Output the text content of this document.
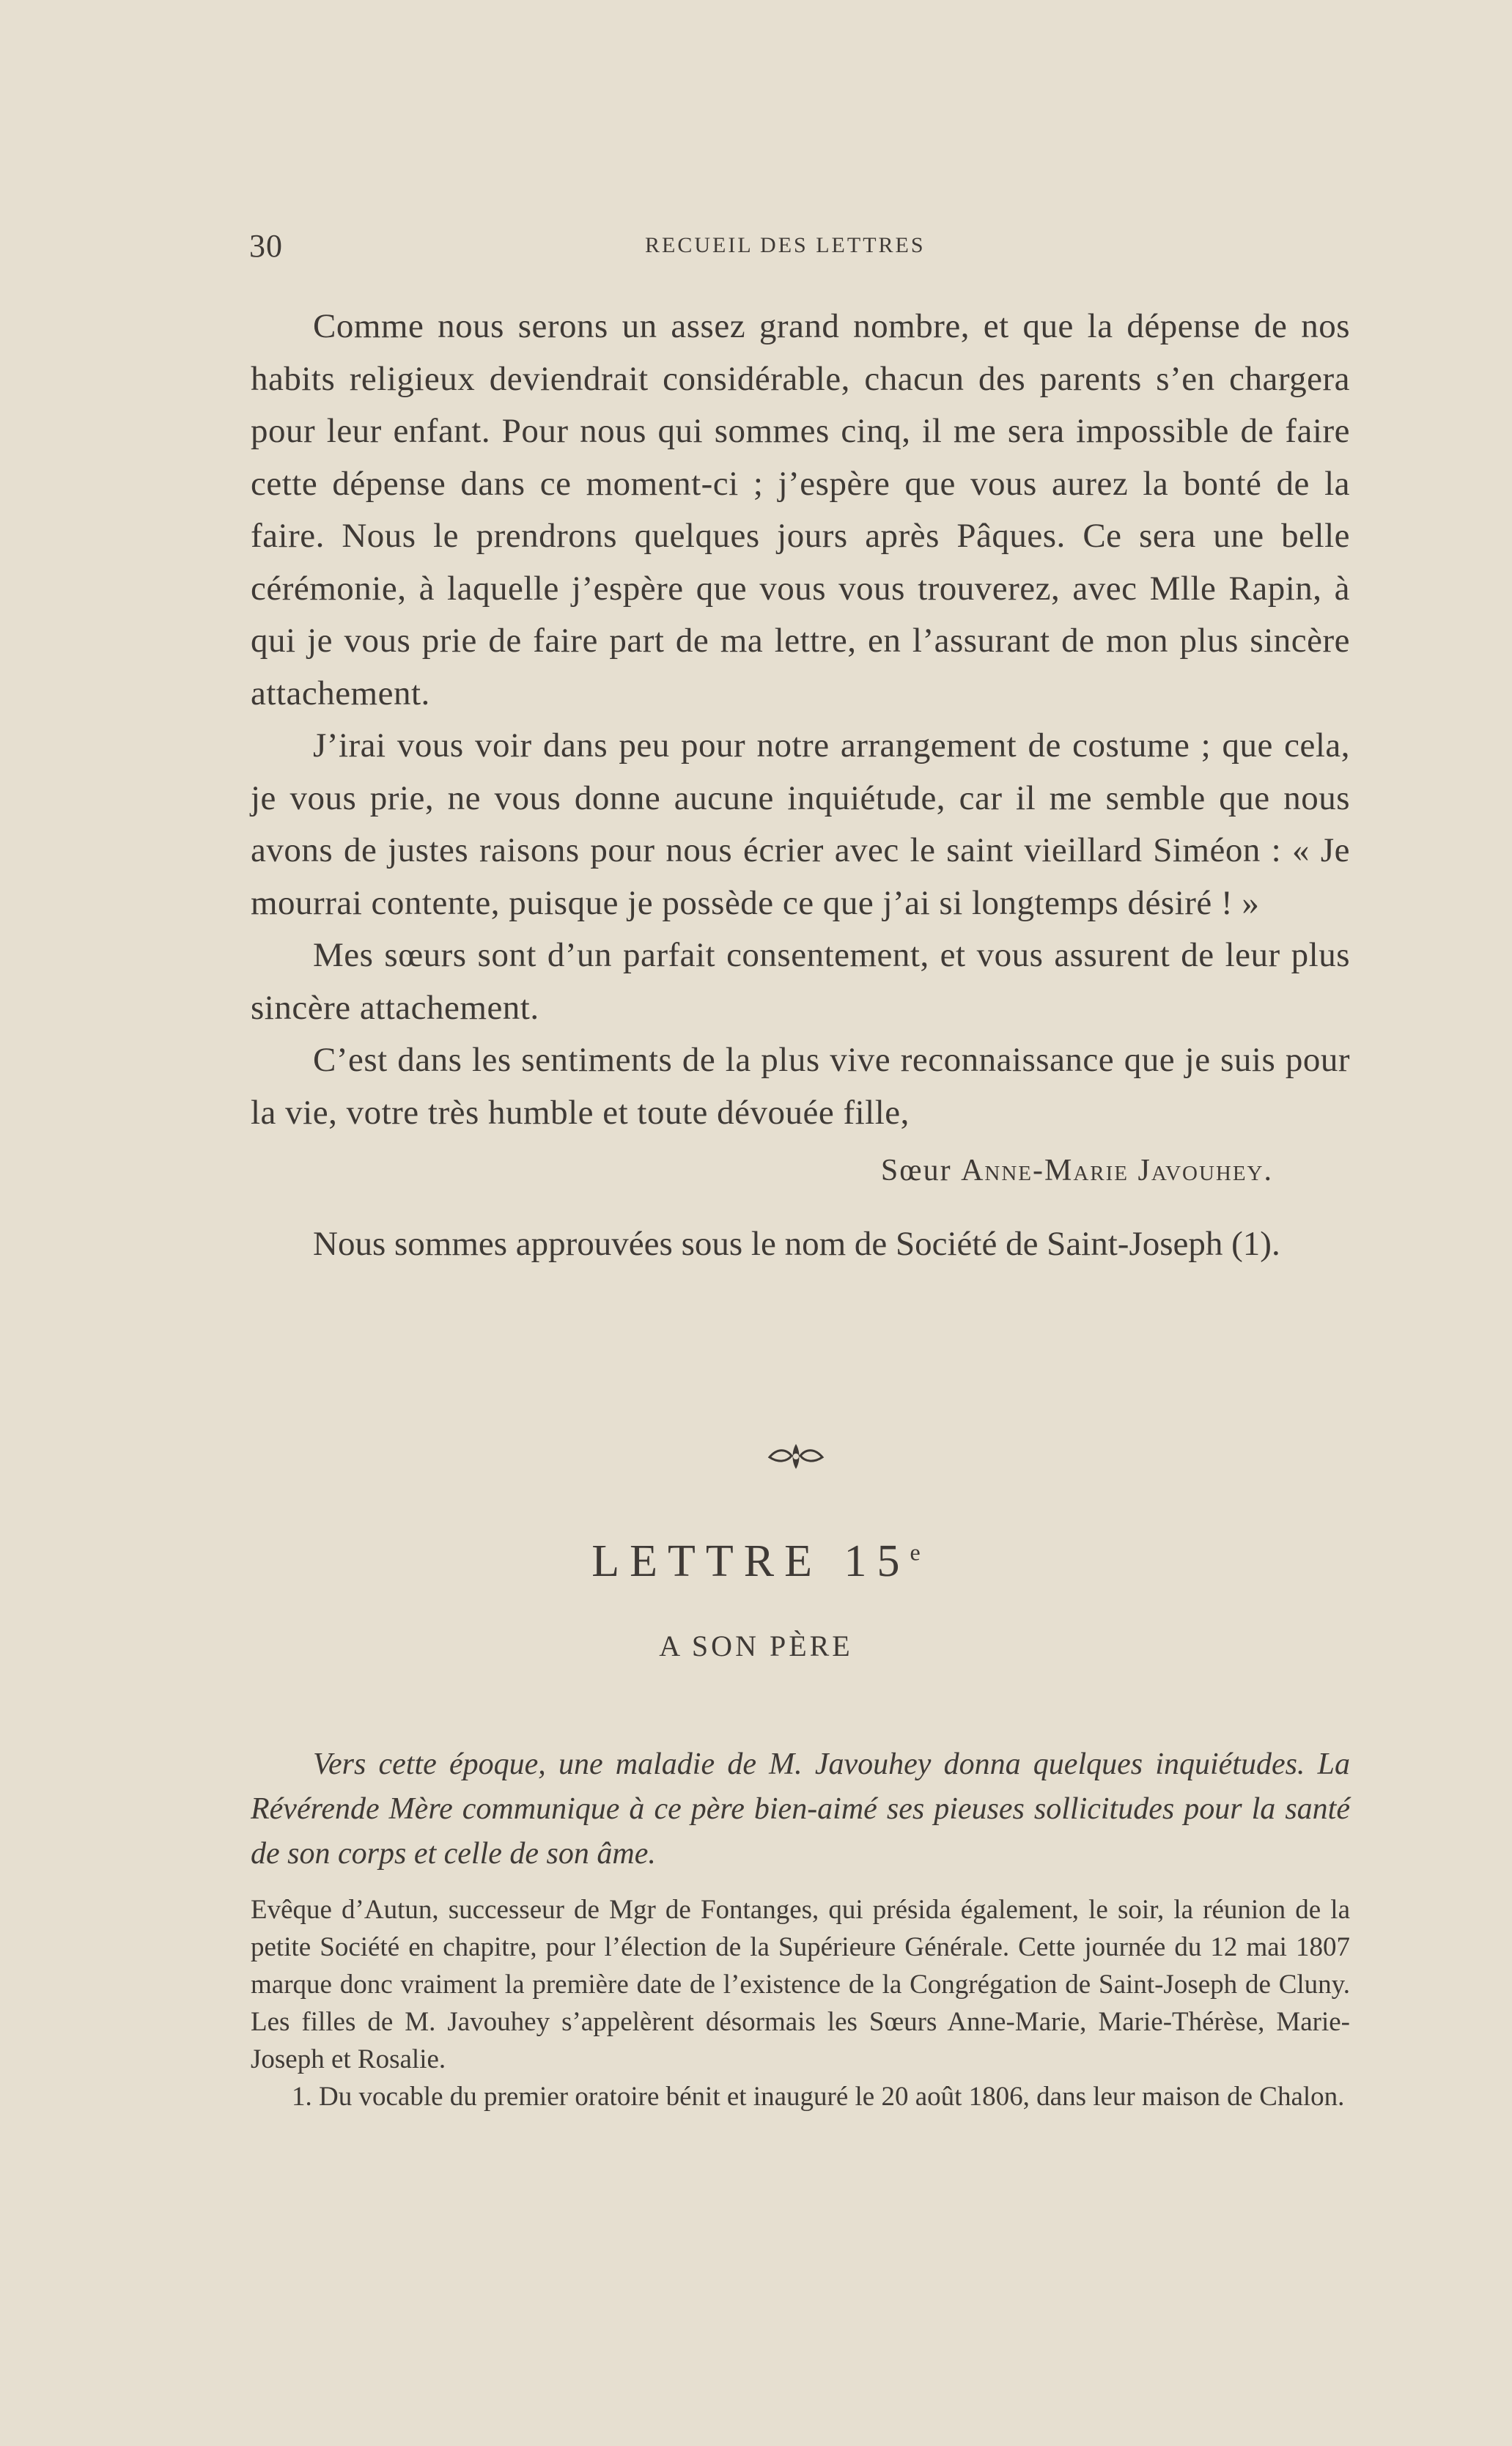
30	RECUEIL DES LETTRES

Comme nous serons un assez grand nombre, et que la dépense de nos habits religieux deviendrait considérable, chacun des parents s’en chargera pour leur enfant. Pour nous qui sommes cinq, il me sera impossible de faire cette dépense dans ce moment-ci ; j’espère que vous aurez la bonté de la faire. Nous le prendrons quelques jours après Pâques. Ce sera une belle cérémonie, à laquelle j’espère que vous vous trouverez, avec Mlle Rapin, à qui je vous prie de faire part de ma lettre, en l’assurant de mon plus sincère attachement.

J’irai vous voir dans peu pour notre arrangement de costume ; que cela, je vous prie, ne vous donne aucune inquiétude, car il me semble que nous avons de justes raisons pour nous écrier avec le saint vieillard Siméon : « Je mourrai contente, puisque je possède ce que j’ai si longtemps désiré ! »

Mes sœurs sont d’un parfait consentement, et vous assurent de leur plus sincère attachement.

C’est dans les sentiments de la plus vive reconnaissance que je suis pour la vie, votre très humble et toute dévouée fille,

Sœur Anne-Marie Javouhey.

Nous sommes approuvées sous le nom de Société de Saint-Joseph (1).

LETTRE 15e
A SON PÈRE

Vers cette époque, une maladie de M. Javouhey donna quelques inquiétudes. La Révérende Mère communique à ce père bien-aimé ses pieuses sollicitudes pour la santé de son corps et celle de son âme.

Evêque d’Autun, successeur de Mgr de Fontanges, qui présida également, le soir, la réunion de la petite Société en chapitre, pour l’élection de la Supérieure Générale. Cette journée du 12 mai 1807 marque donc vraiment la première date de l’existence de la Congrégation de Saint-Joseph de Cluny. Les filles de M. Javouhey s’appelèrent désormais les Sœurs Anne-Marie, Marie-Thérèse, Marie-Joseph et Rosalie.

1. Du vocable du premier oratoire bénit et inauguré le 20 août 1806, dans leur maison de Chalon.
